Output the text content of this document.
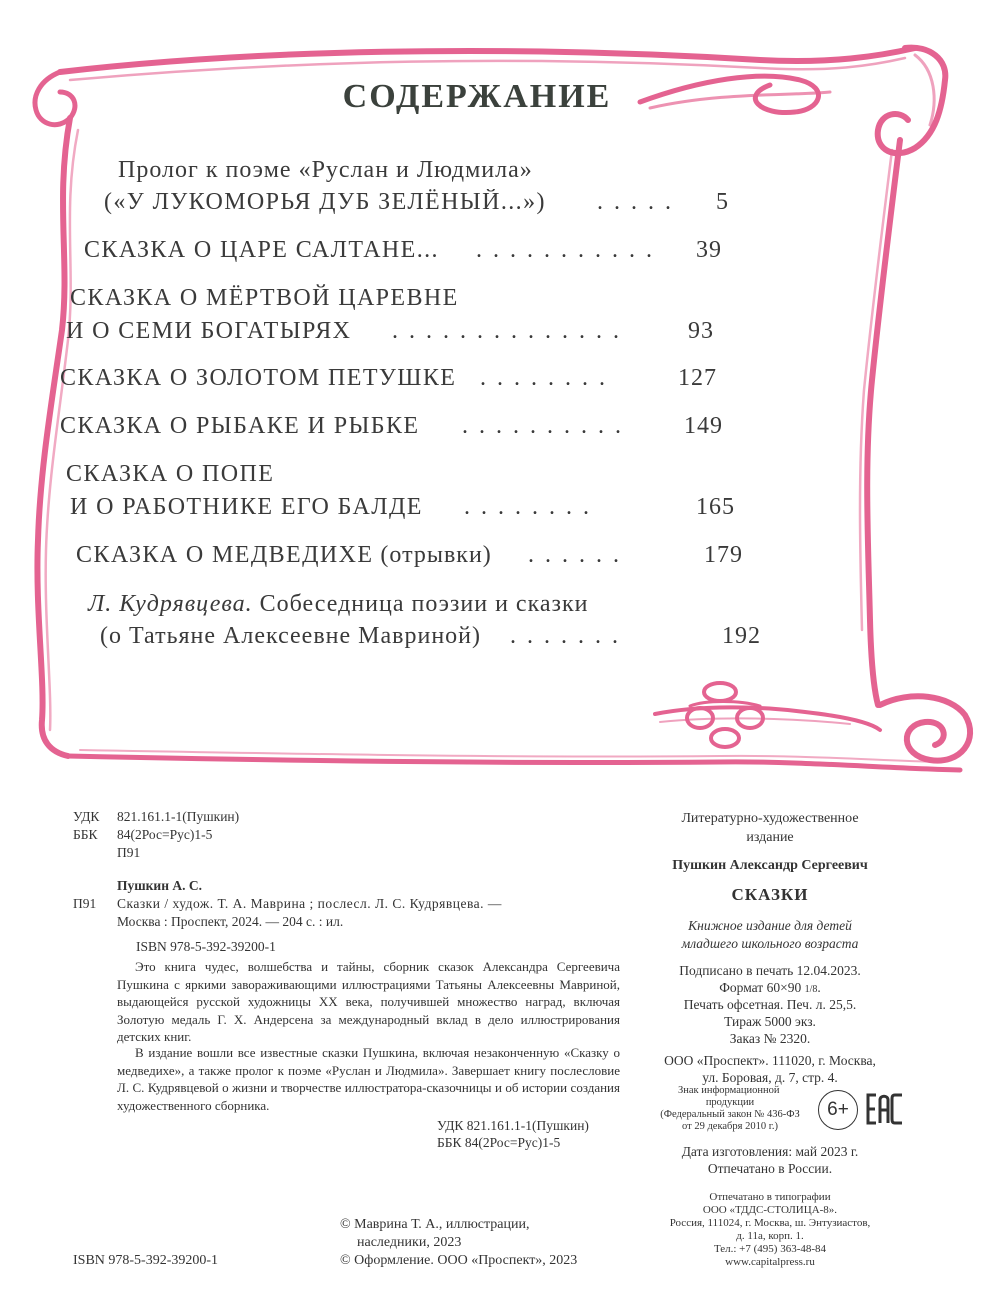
СОДЕРЖАНИЕ
Пролог к поэме «Руслан и Людмила»
(«У ЛУКОМОРЬЯ ДУБ ЗЕЛЁНЫЙ...») ..... 5
СКАЗКА О ЦАРЕ САЛТАНЕ... ........... 39
СКАЗКА О МЁРТВОЙ ЦАРЕВНЕ
И О СЕМИ БОГАТЫРЯХ .............. 93
СКАЗКА О ЗОЛОТОМ ПЕТУШКЕ ........	127
СКАЗКА О РЫБАКЕ И РЫБКЕ .......... 149
СКАЗКА О ПОПЕ
И О РАБОТНИКЕ ЕГО БАЛДЕ ........	165
СКАЗКА О МЕДВЕДИХЕ (отрывки) ......	179
Л. Кудрявцева. Собеседница поэзии и сказки
(о Татьяне Алексеевне Мавриной) .......	192
УДК 821.161.1-1(Пушкин)
ББК 84(2Рос=Рус)1-5
П91
Пушкин А. С.
П91 Сказки / худож. Т. А. Маврина ; послесл. Л. С. Кудрявцева. —
Москва : Проспект, 2024. — 204 с. : ил.
ISBN 978-5-392-39200-1
Это книга чудес, волшебства и тайны, сборник сказок Александра Сергеевича Пушкина с яркими завораживающими иллюстрациями Татьяны Алексеевны Мавриной, выдающейся русской художницы XX века, получившей множество наград, включая Золотую медаль Г. Х. Андерсена за международный вклад в дело иллюстрирования детских книг.
В издание вошли все известные сказки Пушкина, включая незаконченную «Сказку о медведихе», а также пролог к поэме «Руслан и Людмила». Завершает книгу послесловие Л. С. Кудрявцевой о жизни и творчестве иллюстратора-сказочницы и об истории создания художественного сборника.
УДК 821.161.1-1(Пушкин)
ББК 84(2Рос=Рус)1-5
© Маврина Т. А., иллюстрации,
наследники, 2023
© Оформление. ООО «Проспект», 2023
ISBN 978-5-392-39200-1
Литературно-художественное
издание
Пушкин Александр Сергеевич
СКАЗКИ
Книжное издание для детей
младшего школьного возраста
Подписано в печать 12.04.2023.
Формат 60×90 1/8.
Печать офсетная. Печ. л. 25,5.
Тираж 5000 экз.
Заказ № 2320.
ООО «Проспект». 111020, г. Москва,
ул. Боровая, д. 7, стр. 4.
Знак информационной
продукции
(Федеральный закон № 436-ФЗ
от 29 декабря 2010 г.)
6+
Дата изготовления: май 2023 г.
Отпечатано в России.
Отпечатано в типографии
ООО «ТДДС-СТОЛИЦА-8».
Россия, 111024, г. Москва, ш. Энтузиастов,
д. 11а, корп. 1.
Тел.: +7 (495) 363-48-84
www.capitalpress.ru
